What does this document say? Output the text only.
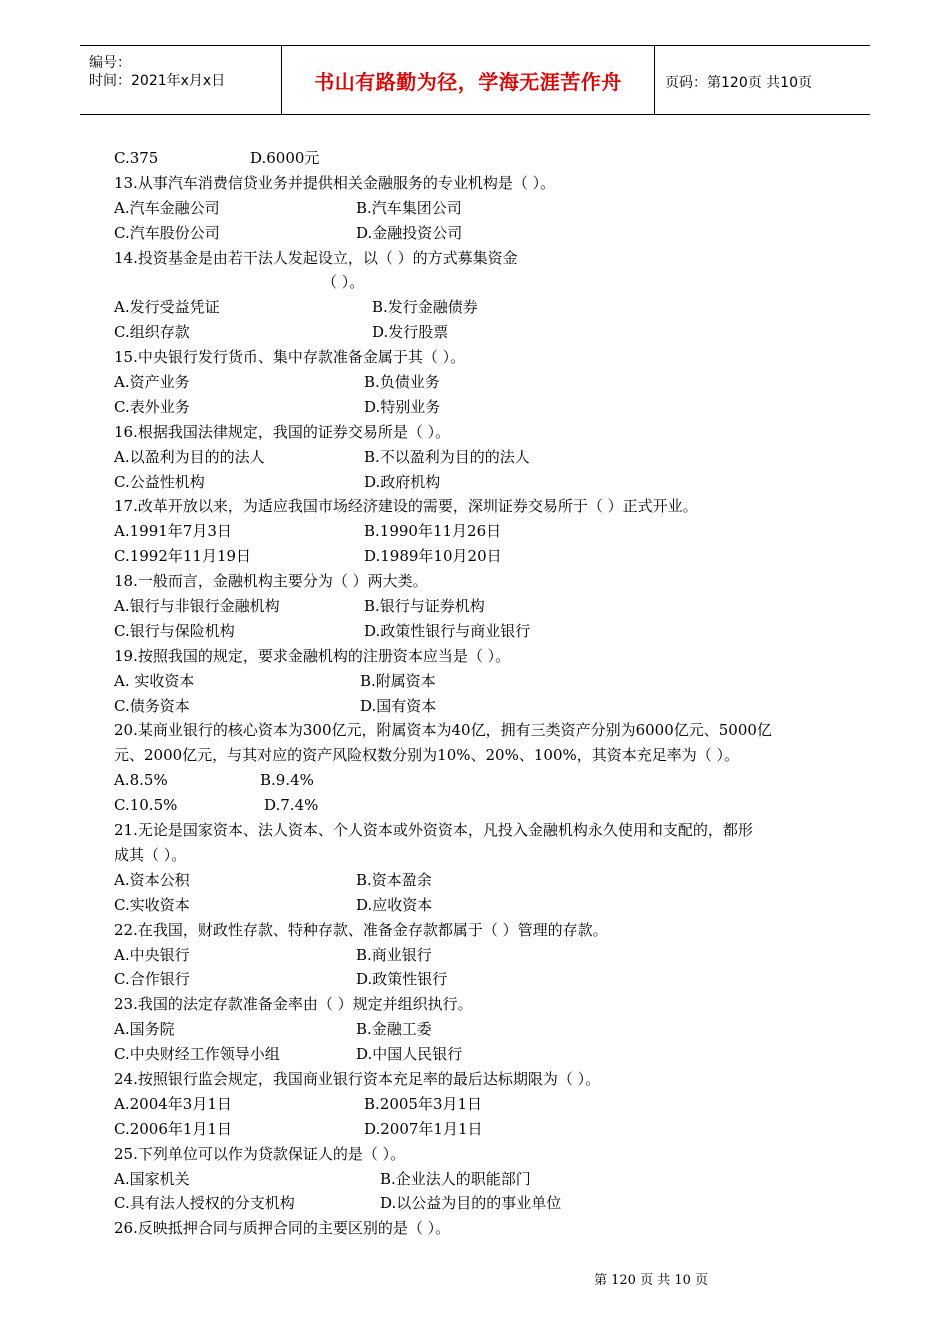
编号：
时间：2021年x月x日	书山有路勤为径，学海无涯苦作舟	页码：第120页 共10页
C.375	D.6000元
13.从事汽车消费信贷业务并提供相关金融服务的专业机构是（ ）。
A.汽车金融公司	B.汽车集团公司
C.汽车股份公司	D.金融投资公司
14.投资基金是由若干法人发起设立，以（ ）的方式募集资金
（ ）。
A.发行受益凭证	B.发行金融债券
C.组织存款	D.发行股票
15.中央银行发行货币、集中存款准备金属于其（ ）。
A.资产业务	B.负债业务
C.表外业务	D.特别业务
16.根据我国法律规定，我国的证券交易所是（ ）。
A.以盈利为目的的法人	B.不以盈利为目的的法人
C.公益性机构	D.政府机构
17.改革开放以来，为适应我国市场经济建设的需要，深圳证券交易所于（ ）正式开业。
A.1991年7月3日	B.1990年11月26日
C.1992年11月19日	D.1989年10月20日
18.一般而言，金融机构主要分为（ ）两大类。
A.银行与非银行金融机构	B.银行与证券机构
C.银行与保险机构	D.政策性银行与商业银行
19.按照我国的规定，要求金融机构的注册资本应当是（ ）。
A. 实收资本	B.附属资本
C.债务资本	D.国有资本
20.某商业银行的核心资本为300亿元，附属资本为40亿，拥有三类资产分别为6000亿元、5000亿
元、2000亿元，与其对应的资产风险权数分别为10%、20%、100%，其资本充足率为（ ）。
A.8.5%	B.9.4%
C.10.5%	D.7.4%
21.无论是国家资本、法人资本、个人资本或外资资本，凡投入金融机构永久使用和支配的，都形
成其（ ）。
A.资本公积	B.资本盈余
C.实收资本	D.应收资本
22.在我国，财政性存款、特种存款、准备金存款都属于（ ）管理的存款。
A.中央银行	B.商业银行
C.合作银行	D.政策性银行
23.我国的法定存款准备金率由（ ）规定并组织执行。
A.国务院	B.金融工委
C.中央财经工作领导小组	D.中国人民银行
24.按照银行监会规定，我国商业银行资本充足率的最后达标期限为（ ）。
A.2004年3月1日	B.2005年3月1日
C.2006年1月1日	D.2007年1月1日
25.下列单位可以作为贷款保证人的是（ ）。
A.国家机关	B.企业法人的职能部门
C.具有法人授权的分支机构	D.以公益为目的的事业单位
26.反映抵押合同与质押合同的主要区别的是（ ）。
第 120 页 共 10 页
